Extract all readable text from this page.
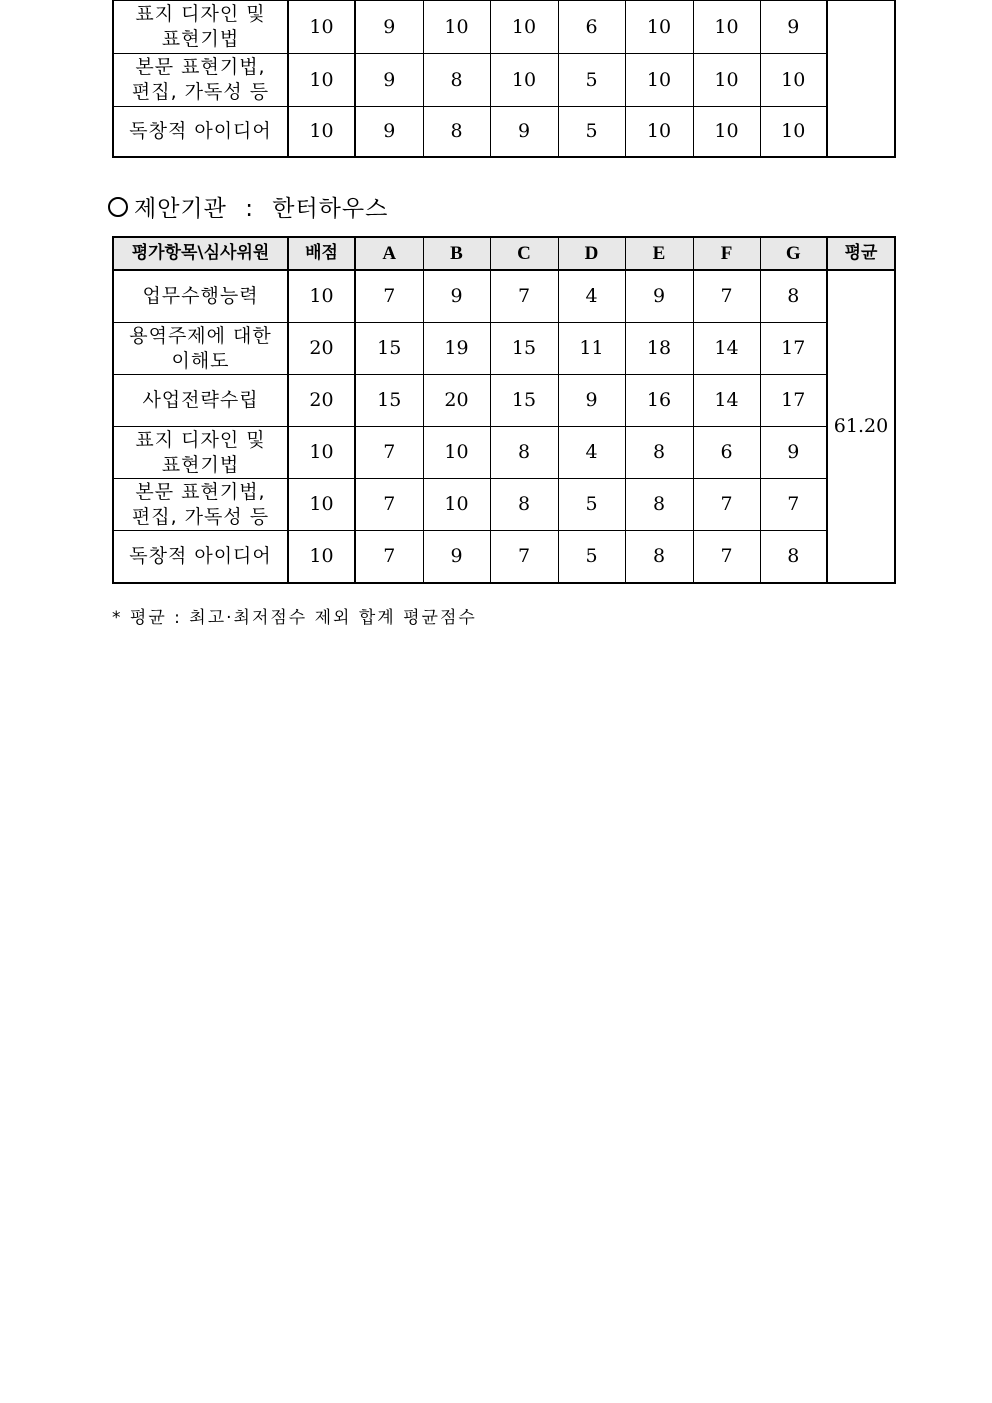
표지 디자인 및
표현기법	10	9	10	10	6	10	10	9	
본문 표현기법,
편집, 가독성 등	10	9	8	10	5	10	10	10	
독창적 아이디어	10	9	8	9	5	10	10	10	
제안기관 : 한터하우스
평가항목\심사위원	배점	A	B	C	D	E	F	G	평균
업무수행능력	10	7	9	7	4	9	7	8	61.20
용역주제에 대한
이해도	20	15	19	15	11	18	14	17	
사업전략수립	20	15	20	15	9	16	14	17	
표지 디자인 및
표현기법	10	7	10	8	4	8	6	9	
본문 표현기법,
편집, 가독성 등	10	7	10	8	5	8	7	7	
독창적 아이디어	10	7	9	7	5	8	7	8	
* 평균 : 최고·최저점수 제외 합계 평균점수
